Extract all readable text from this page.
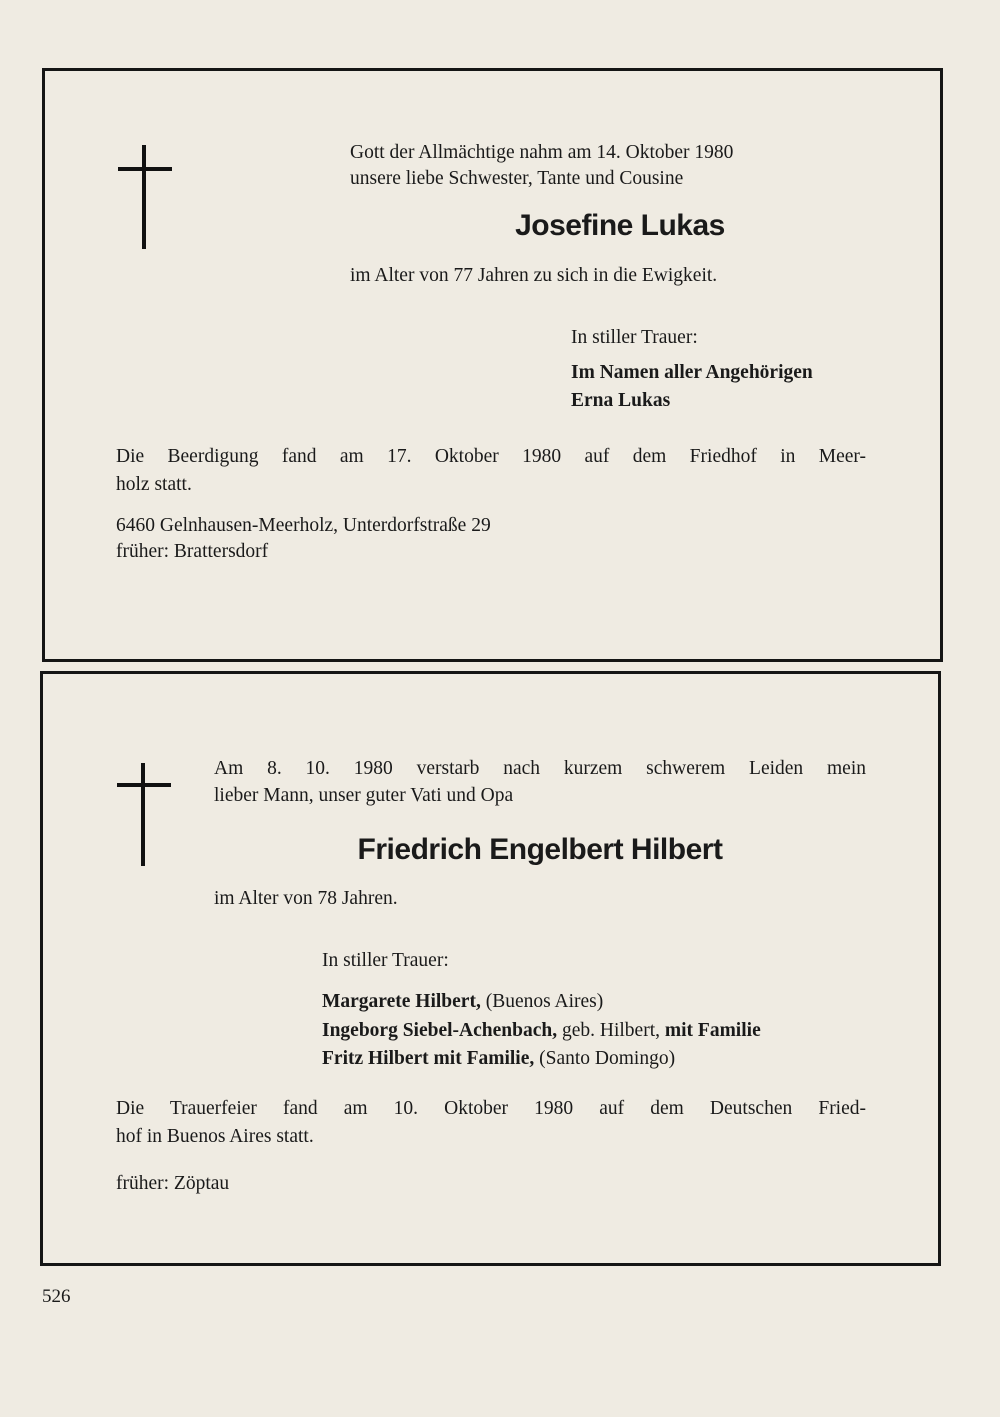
Gott der Allmächtige nahm am 14. Oktober 1980
unsere liebe Schwester, Tante und Cousine
Josefine Lukas
im Alter von 77 Jahren zu sich in die Ewigkeit.
In stiller Trauer:
Im Namen aller Angehörigen
Erna Lukas
Die Beerdigung fand am 17. Oktober 1980 auf dem Friedhof in Meer-
holz statt.
6460 Gelnhausen-Meerholz, Unterdorfstraße 29
früher: Brattersdorf
Am 8. 10. 1980 verstarb nach kurzem schwerem Leiden mein
lieber Mann, unser guter Vati und Opa
Friedrich Engelbert Hilbert
im Alter von 78 Jahren.
In stiller Trauer:
Margarete Hilbert, (Buenos Aires)
Ingeborg Siebel-Achenbach, geb. Hilbert, mit Familie
Fritz Hilbert mit Familie, (Santo Domingo)
Die Trauerfeier fand am 10. Oktober 1980 auf dem Deutschen Fried-
hof in Buenos Aires statt.
früher: Zöptau
526
